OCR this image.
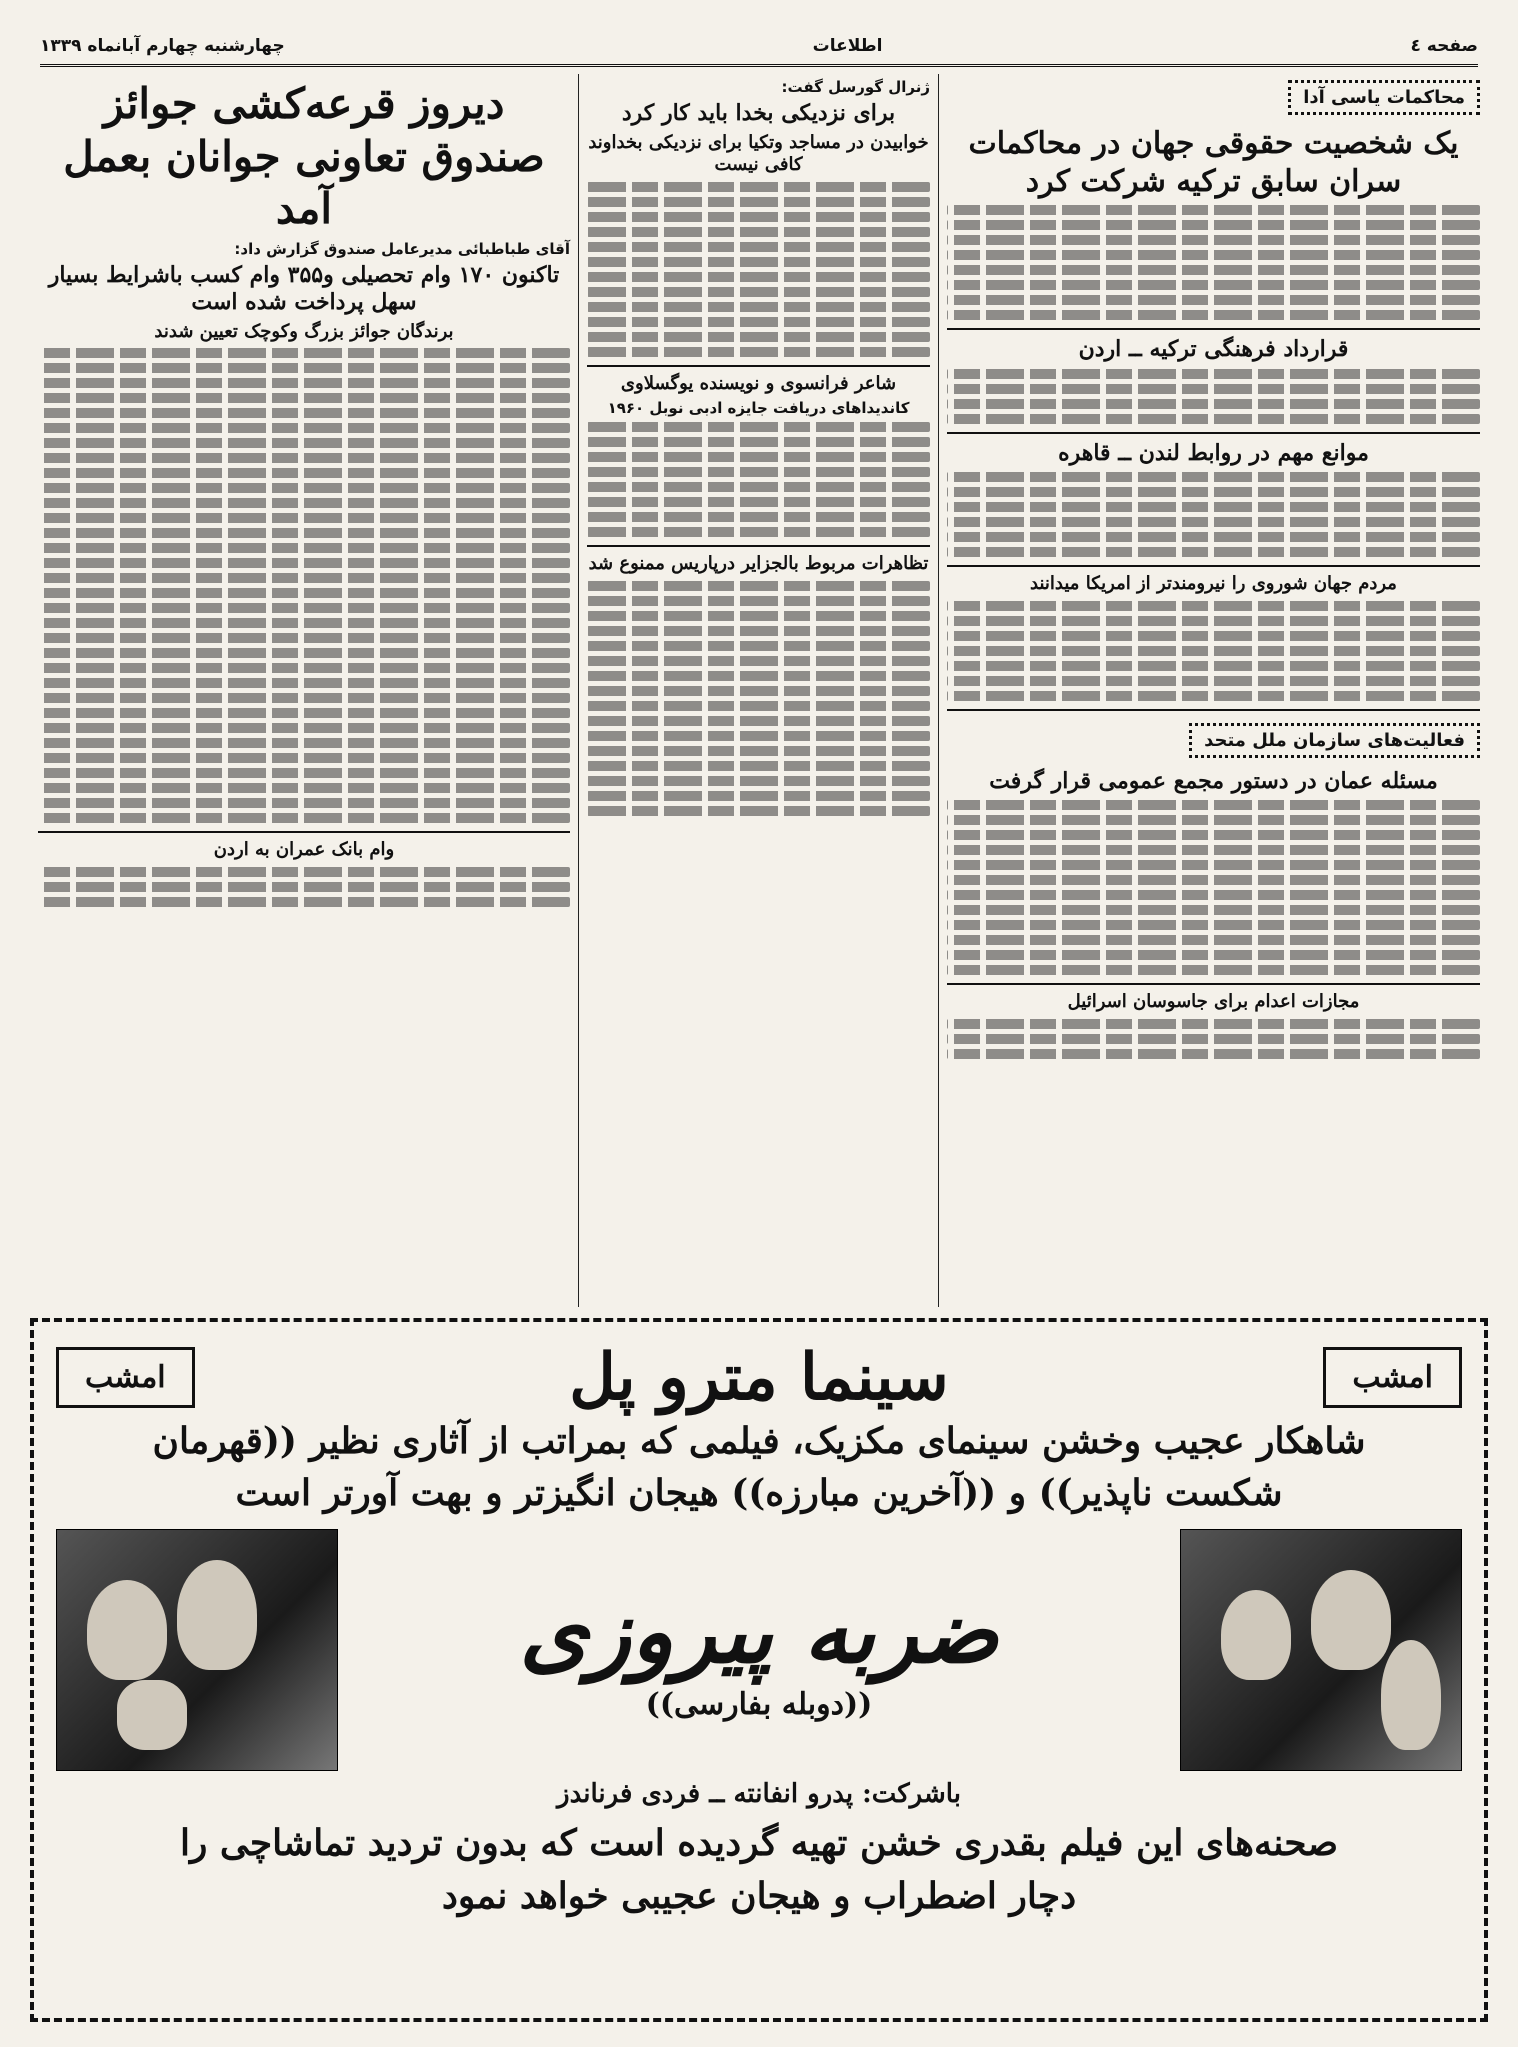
صفحه ٤
اطلاعات
چهارشنبه چهارم آبانماه ۱۳۳۹
محاکمات یاسی آدا
یک شخصیت حقوقی جهان در محاکمات سران سابق ترکیه شرکت کرد
قرارداد فرهنگی ترکیه ــ اردن
موانع مهم در روابط لندن ــ قاهره
مردم جهان شوروی را نیرومندتر از امریکا میدانند
فعالیت‌های سازمان ملل متحد
مسئله عمان در دستور مجمع عمومی قرار گرفت
مجازات اعدام برای جاسوسان اسرائیل
ژنرال گورسل گفت:
برای نزدیکی بخدا باید کار کرد
خوابیدن در مساجد وتکیا برای نزدیکی بخداوند کافی نیست
شاعر فرانسوی و نویسنده یوگسلاوی
کاندیداهای دریافت جایزه ادبی نوبل ۱۹۶۰
تظاهرات مربوط بالجزایر درپاریس ممنوع شد
دیروز قرعه‌کشی جوائز صندوق تعاونی جوانان بعمل آمد
آقای طباطبائی مدیرعامل صندوق گزارش داد:
تاکنون ۱۷۰ وام تحصیلی و۳۵۵ وام کسب باشرایط بسیار سهل پرداخت شده است
برندگان جوائز بزرگ وکوچک تعیین شدند
وام بانک عمران به اردن
امشب
سینما مترو پل
امشب
شاهکار عجیب وخشن سینمای مکزیک، فیلمی که بمراتب از آثاری نظیر ((قهرمان
شکست ناپذیر)) و ((آخرین مبارزه)) هیجان انگیزتر و بهت آورتر است
ضربه پیروزی
((دوبله بفارسی))
باشرکت: پدرو انفانته ــ فردی فرناندز
صحنه‌های این فیلم بقدری خشن تهیه گردیده است که بدون تردید تماشاچی را
دچار اضطراب و هیجان عجیبی خواهد نمود
